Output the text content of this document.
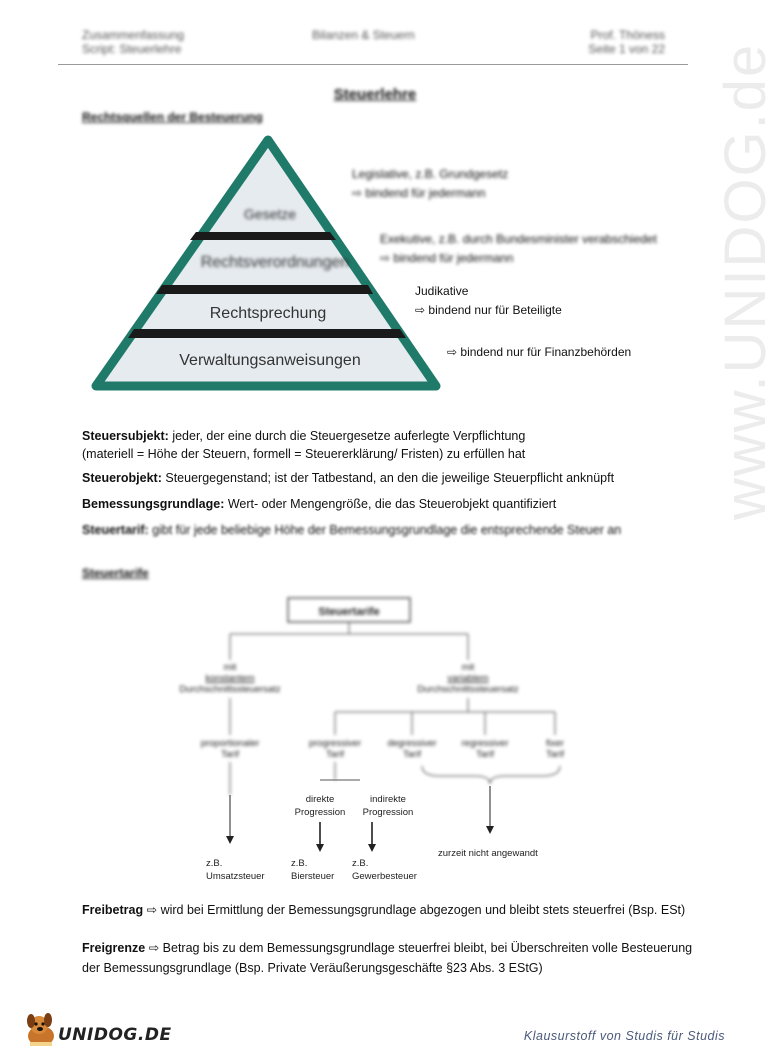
Zusammenfassung
Script: Steuerlehre
Bilanzen & Steuern	Prof. Thöness
Seite 1 von 22 www.UNIDOG.de
Steuerlehre
Rechtsquellen der Besteuerung
Gesetze
Rechtsverordnungen
Rechtsprechung
Verwaltungsanweisungen
Legislative, z.B. Grundgesetz
⇨ bindend für jedermann
Exekutive, z.B. durch Bundesminister verabschiedet
⇨ bindend für jedermann
Judikative
⇨ bindend nur für Beteiligte
⇨ bindend nur für Finanzbehörden
Steuersubjekt: jeder, der eine durch die Steuergesetze auferlegte Verpflichtung
(materiell = Höhe der Steuern, formell = Steuererklärung/ Fristen) zu erfüllen hat
Steuerobjekt: Steuergegenstand; ist der Tatbestand, an den die jeweilige Steuerpflicht anknüpft
Bemessungsgrundlage: Wert- oder Mengengröße, die das Steuerobjekt quantifiziert
Steuertarif: gibt für jede beliebige Höhe der Bemessungsgrundlage die entsprechende Steuer an
Steuertarife
Steuertarife
mit
konstantem
Durchschnittssteuersatz
mit
variablem
Durchschnittssteuersatz
proportionaler
Tarif
progressiver
Tarif
degressiver
Tarif
regressiver
Tarif
fixer
Tarif
direkte
Progression
indirekte
Progression
z.B.
Umsatzsteuer
z.B.
Biersteuer
z.B.
Gewerbesteuer
zurzeit nicht angewandt
Freibetrag ⇨ wird bei Ermittlung der Bemessungsgrundlage abgezogen und bleibt stets steuerfrei (Bsp. ESt)
Freigrenze ⇨ Betrag bis zu dem Bemessungsgrundlage steuerfrei bleibt, bei Überschreiten volle Besteuerung
der Bemessungsgrundlage (Bsp. Private Veräußerungsgeschäfte §23 Abs. 3 EStG)
UNIDOG.DE	Klausurstoff von Studis für Studis
